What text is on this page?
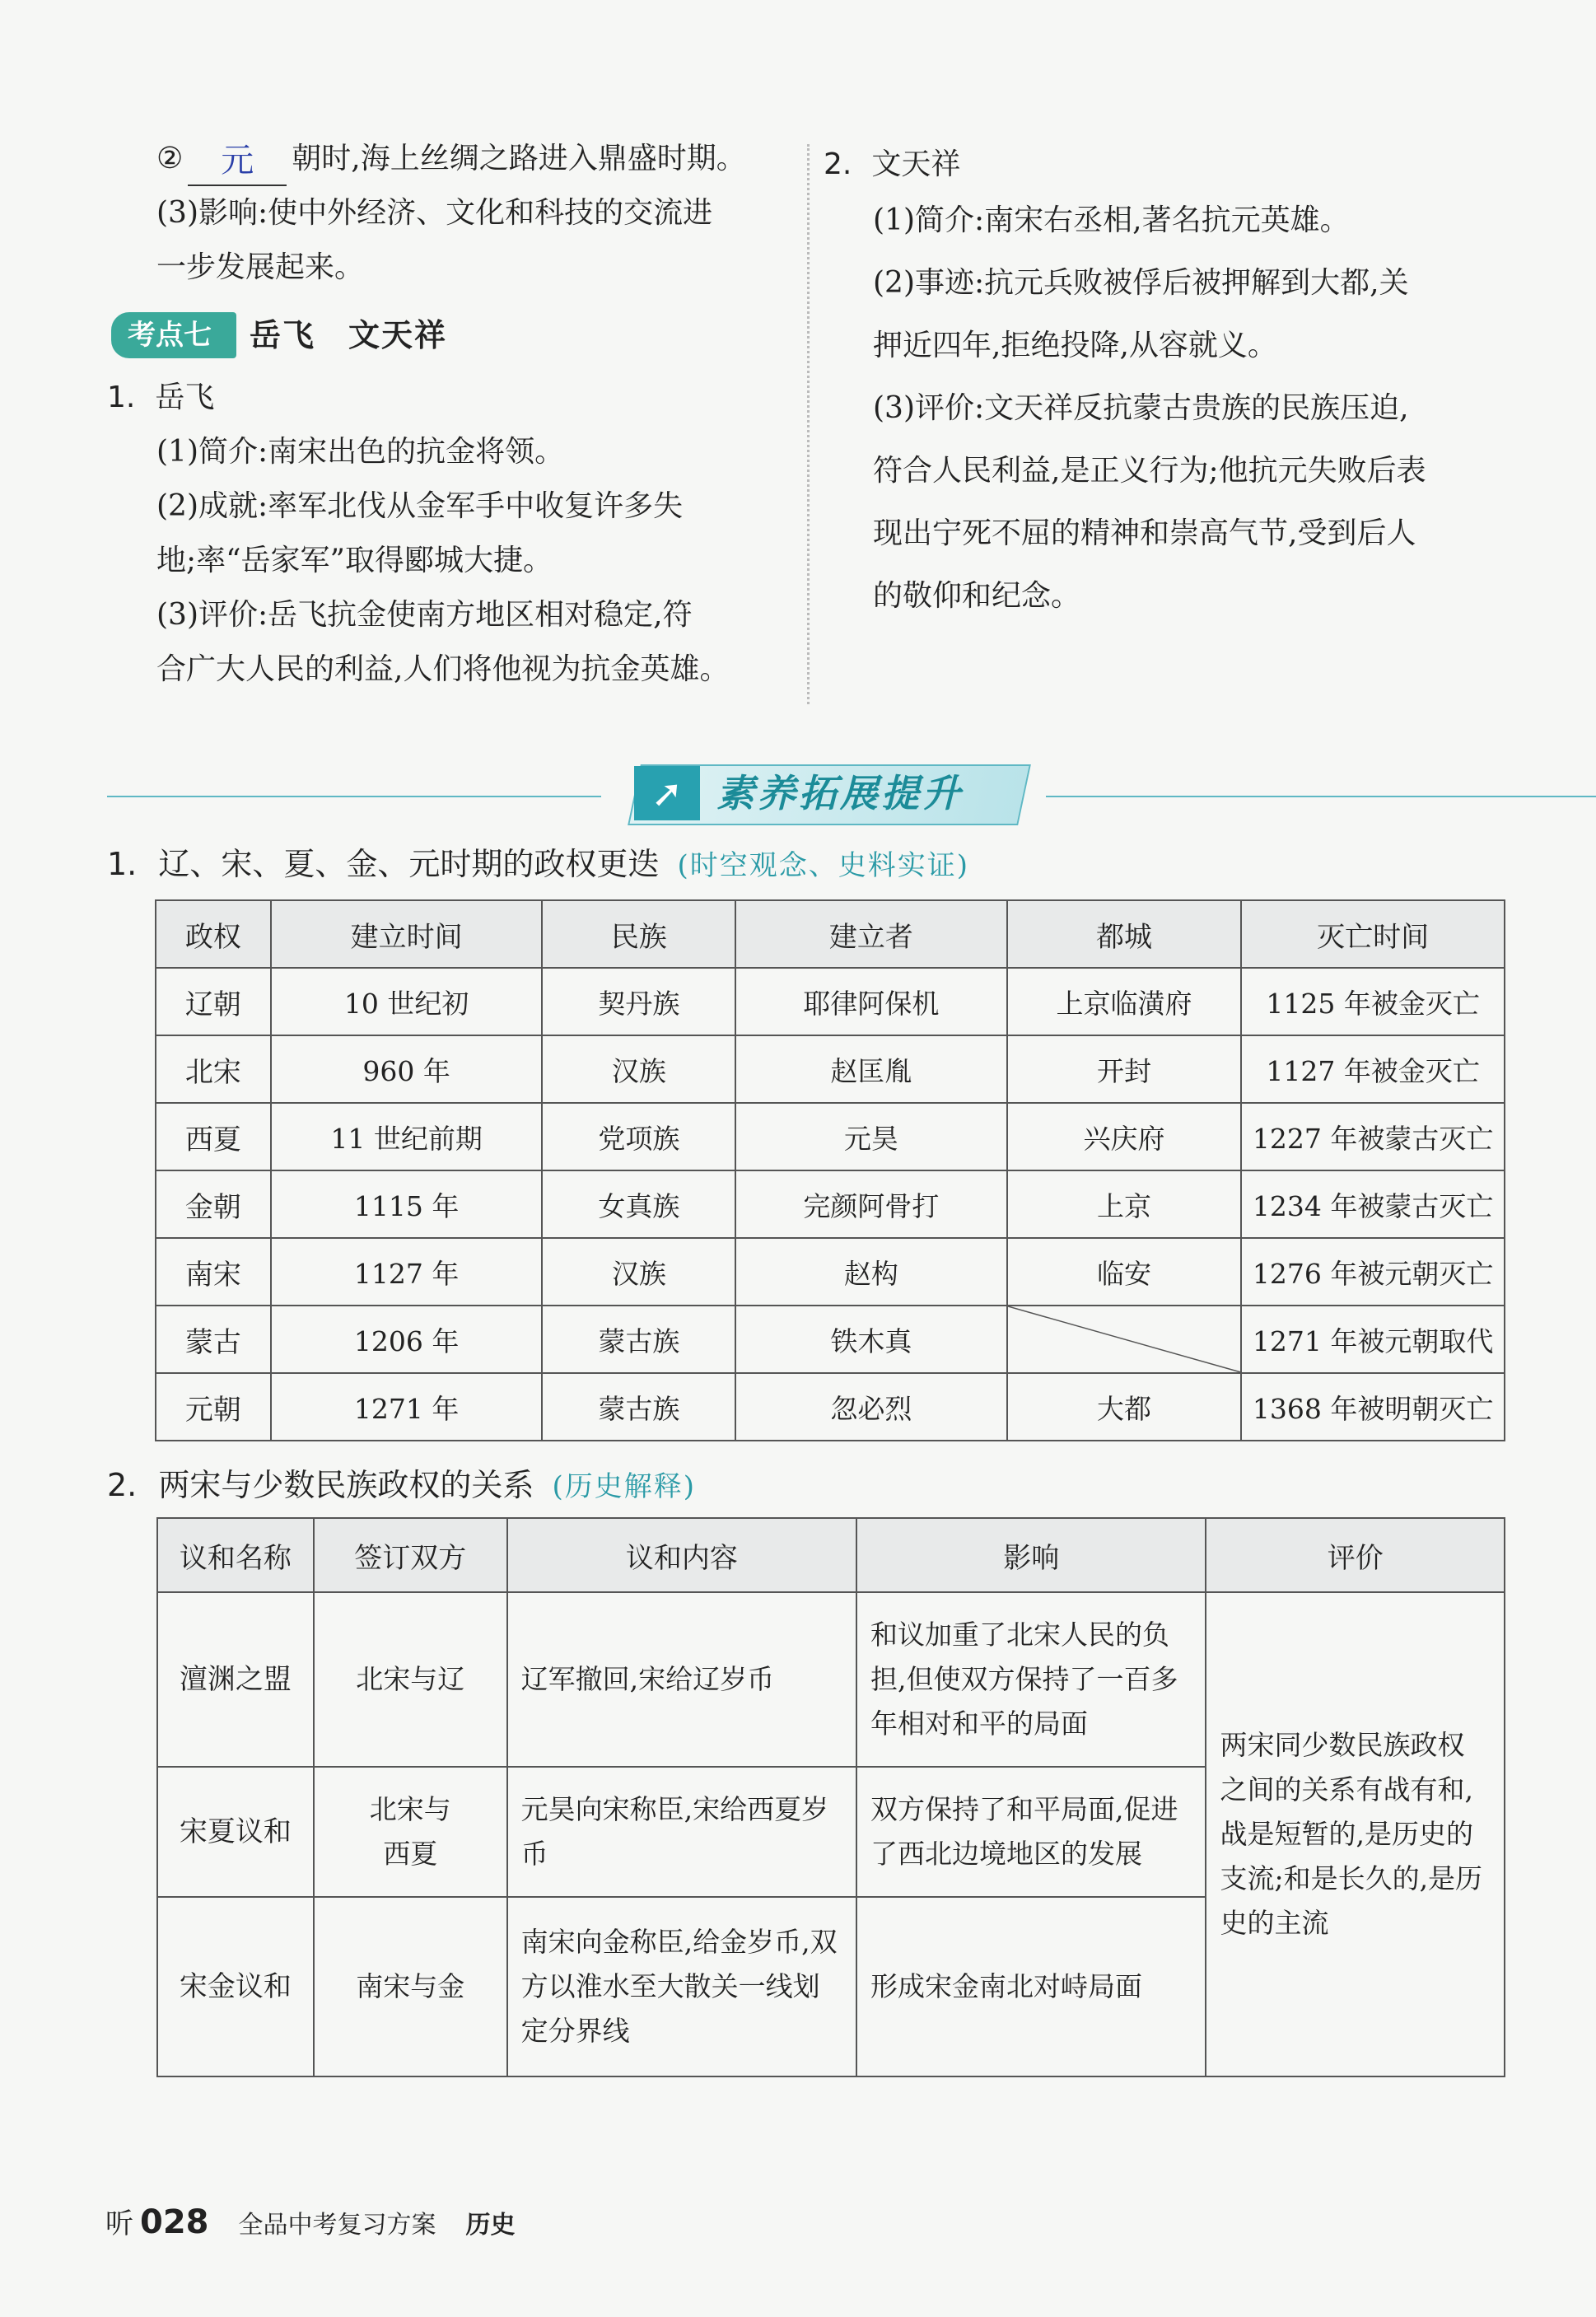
②	元	朝时,海上丝绸之路进入鼎盛时期。
(3)影响:使中外经济、文化和科技的交流进
一步发展起来。
考点七	岳飞　文天祥
1. 岳飞
(1)简介:南宋出色的抗金将领。
(2)成就:率军北伐从金军手中收复许多失
地;率“岳家军”取得郾城大捷。
(3)评价:岳飞抗金使南方地区相对稳定,符
合广大人民的利益,人们将他视为抗金英雄。
2. 文天祥
(1)简介:南宋右丞相,著名抗元英雄。
(2)事迹:抗元兵败被俘后被押解到大都,关
押近四年,拒绝投降,从容就义。
(3)评价:文天祥反抗蒙古贵族的民族压迫,
符合人民利益,是正义行为;他抗元失败后表
现出宁死不屈的精神和崇高气节,受到后人
的敬仰和纪念。
➚ 素养拓展提升
1. 辽、宋、夏、金、元时期的政权更迭 (时空观念、史料实证)
政权	建立时间	民族	建立者	都城	灭亡时间
辽朝	10 世纪初	契丹族	耶律阿保机	上京临潢府	1125 年被金灭亡
北宋	960 年	汉族	赵匡胤	开封	1127 年被金灭亡
西夏	11 世纪前期	党项族	元昊	兴庆府	1227 年被蒙古灭亡
金朝	1115 年	女真族	完颜阿骨打	上京	1234 年被蒙古灭亡
南宋	1127 年	汉族	赵构	临安	1276 年被元朝灭亡
蒙古	1206 年	蒙古族	铁木真		1271 年被元朝取代
元朝	1271 年	蒙古族	忽必烈	大都	1368 年被明朝灭亡
2. 两宋与少数民族政权的关系 (历史解释)
议和名称	签订双方	议和内容	影响	评价
澶渊之盟	北宋与辽	辽军撤回,宋给辽岁币	和议加重了北宋人民的负担,但使双方保持了一百多年相对和平的局面	两宋同少数民族政权之间的关系有战有和,战是短暂的,是历史的支流;和是长久的,是历史的主流
宋夏议和	北宋与西夏	元昊向宋称臣,宋给西夏岁币	双方保持了和平局面,促进了西北边境地区的发展	
宋金议和	南宋与金	南宋向金称臣,给金岁币,双方以淮水至大散关一线划定分界线	形成宋金南北对峙局面	
听 028 全品中考复习方案 历史
